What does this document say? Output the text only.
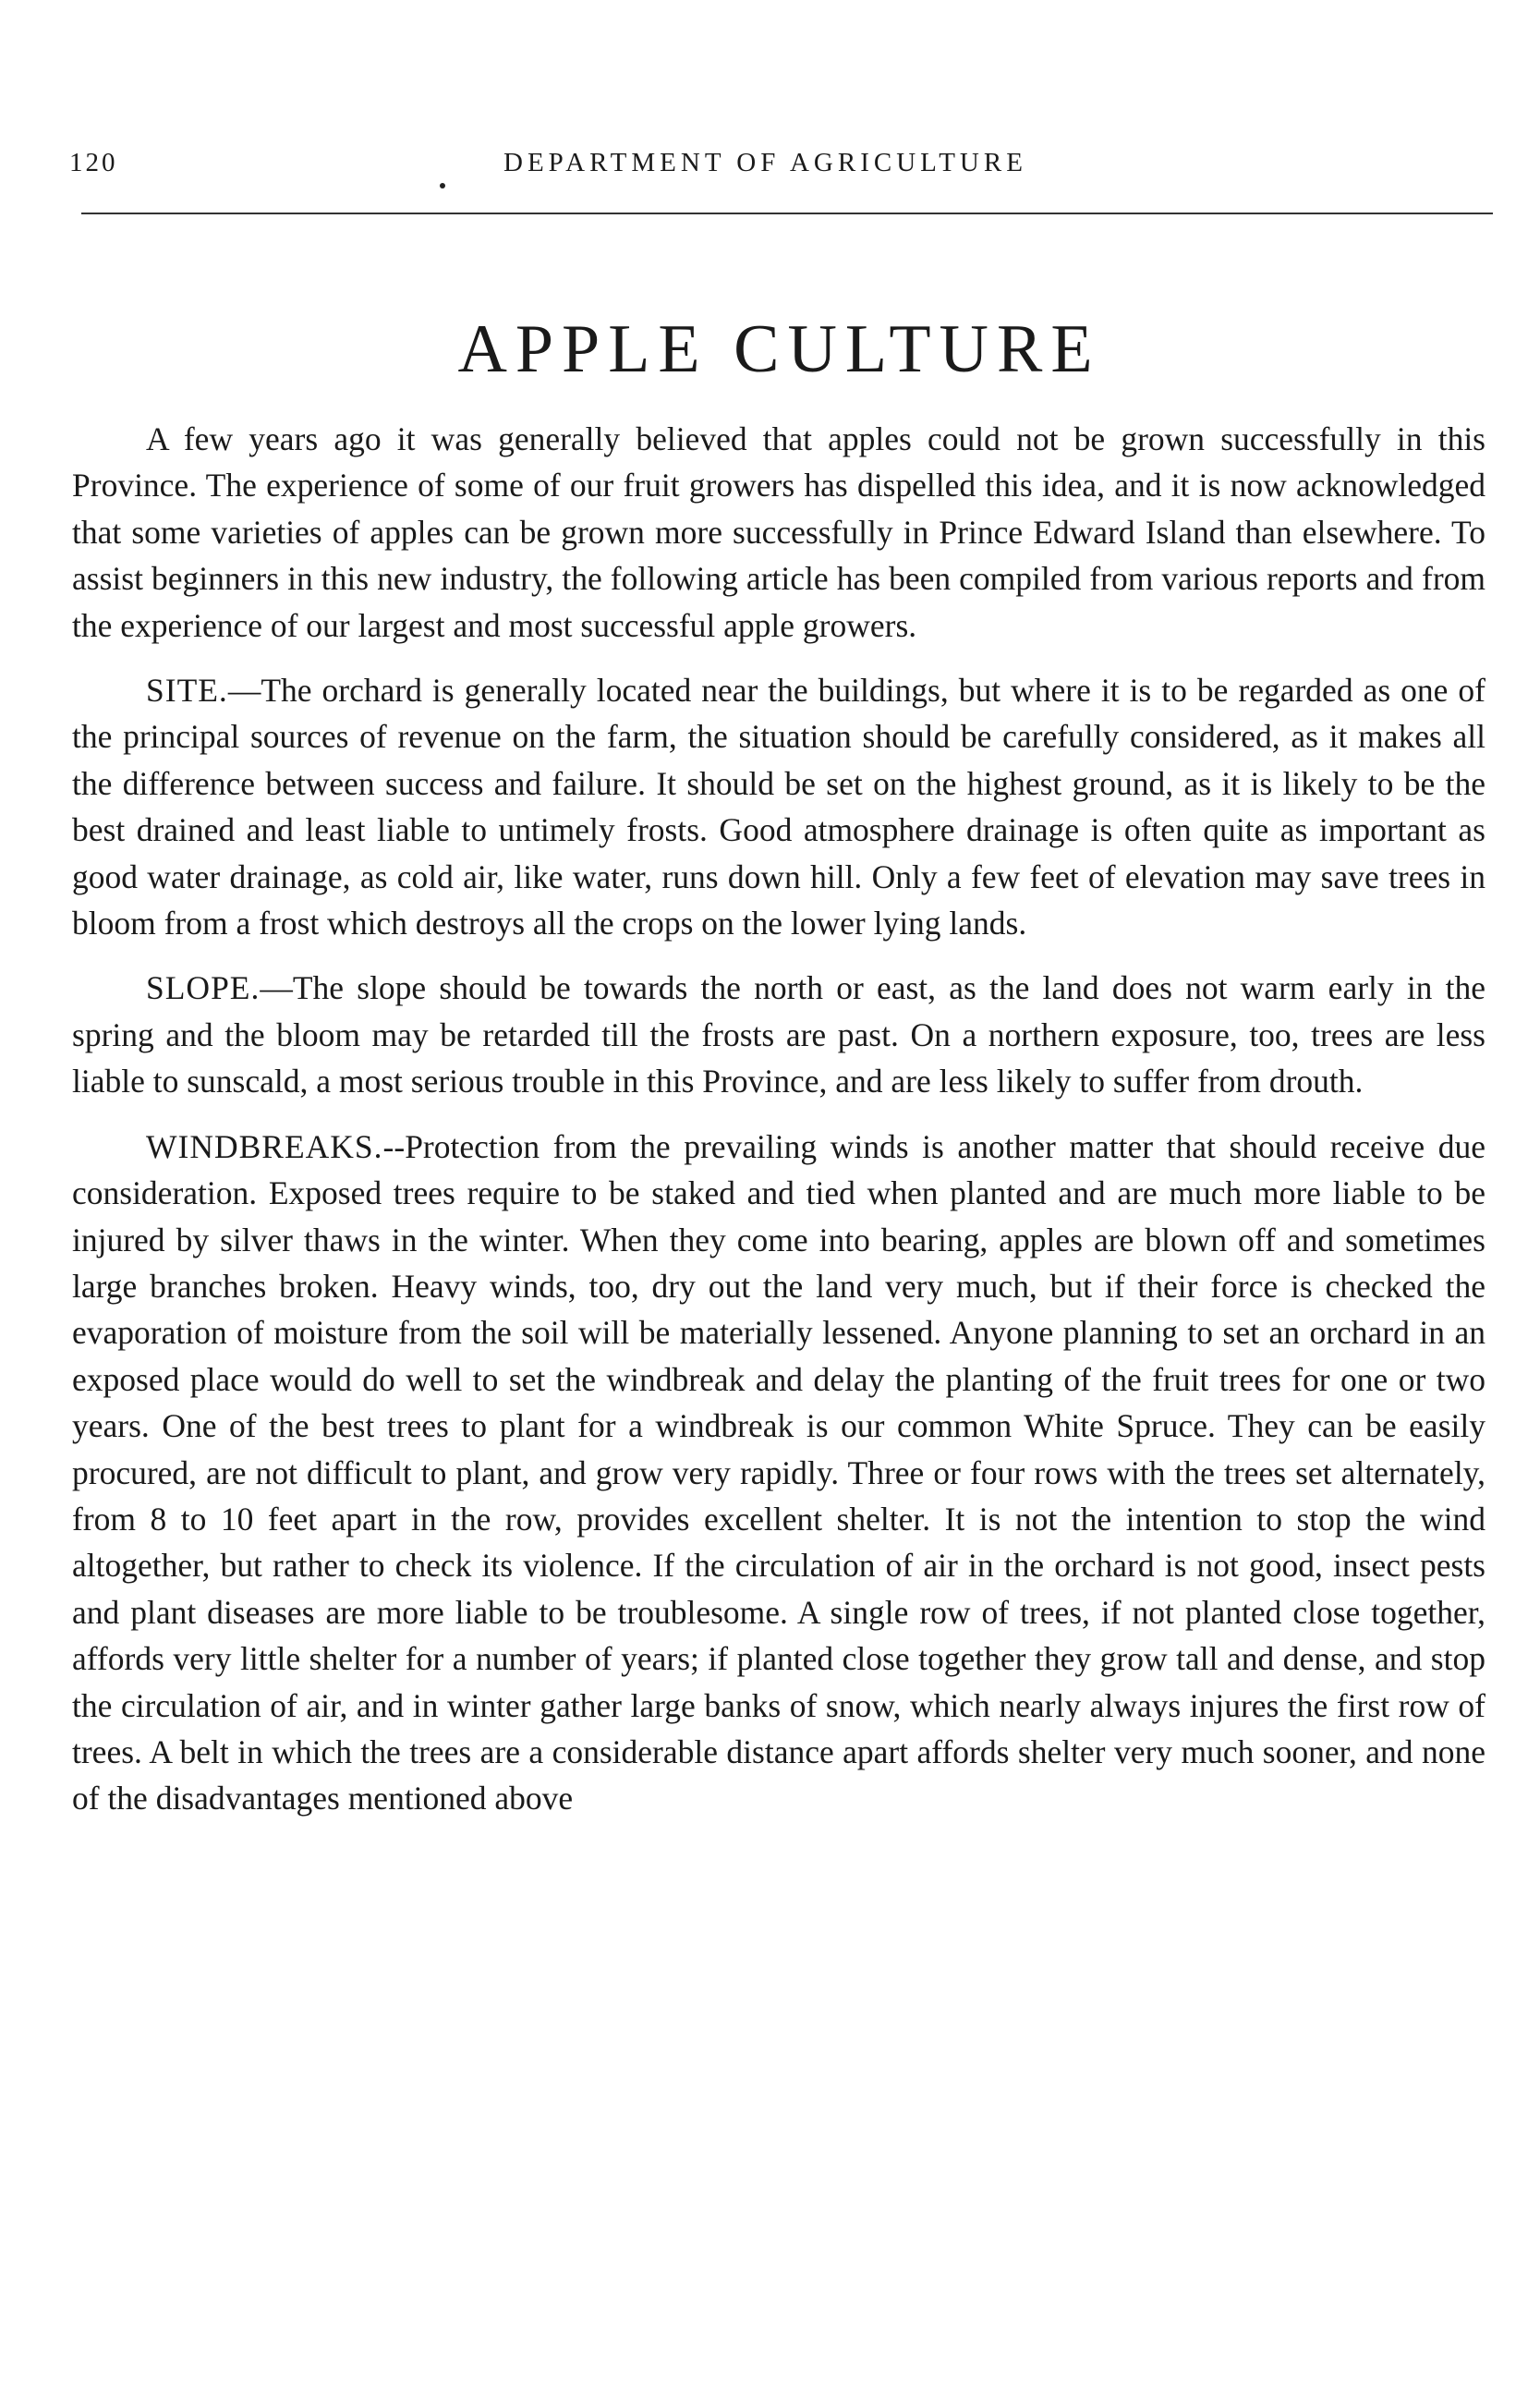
120	DEPARTMENT OF AGRICULTURE
APPLE CULTURE

A few years ago it was generally believed that apples could not be grown successfully in this Province. The experience of some of our fruit growers has dispelled this idea, and it is now acknowledged that some varieties of apples can be grown more successfully in Prince Edward Island than elsewhere. To assist beginners in this new industry, the following article has been compiled from various reports and from the experience of our largest and most successful apple growers.

SITE.—The orchard is generally located near the buildings, but where it is to be regarded as one of the principal sources of revenue on the farm, the situation should be carefully considered, as it makes all the difference between success and failure. It should be set on the highest ground, as it is likely to be the best drained and least liable to untimely frosts. Good atmosphere drainage is often quite as important as good water drainage, as cold air, like water, runs down hill. Only a few feet of elevation may save trees in bloom from a frost which destroys all the crops on the lower lying lands.

SLOPE.—The slope should be towards the north or east, as the land does not warm early in the spring and the bloom may be retarded till the frosts are past. On a northern exposure, too, trees are less liable to sunscald, a most serious trouble in this Province, and are less likely to suffer from drouth.

WINDBREAKS.--Protection from the prevailing winds is another matter that should receive due consideration. Exposed trees require to be staked and tied when planted and are much more liable to be injured by silver thaws in the winter. When they come into bearing, apples are blown off and sometimes large branches broken. Heavy winds, too, dry out the land very much, but if their force is checked the evaporation of moisture from the soil will be materially lessened. Anyone planning to set an orchard in an exposed place would do well to set the windbreak and delay the planting of the fruit trees for one or two years. One of the best trees to plant for a windbreak is our common White Spruce. They can be easily procured, are not difficult to plant, and grow very rapidly. Three or four rows with the trees set alternately, from 8 to 10 feet apart in the row, provides excellent shelter. It is not the intention to stop the wind altogether, but rather to check its violence. If the circulation of air in the orchard is not good, insect pests and plant diseases are more liable to be troublesome. A single row of trees, if not planted close together, affords very little shelter for a number of years; if planted close together they grow tall and dense, and stop the circulation of air, and in winter gather large banks of snow, which nearly always injures the first row of trees. A belt in which the trees are a considerable distance apart affords shelter very much sooner, and none of the disadvantages mentioned above
